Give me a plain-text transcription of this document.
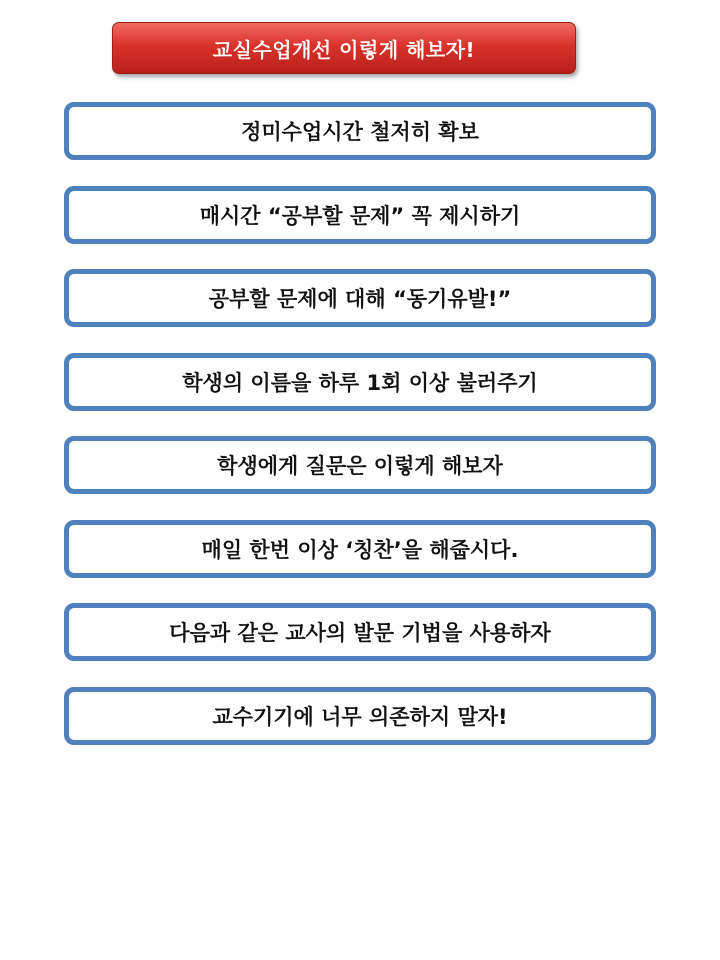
교실수업개선 이렇게 해보자!
정미수업시간 철저히 확보
매시간 “공부할 문제” 꼭 제시하기
공부할 문제에 대해 “동기유발!”
학생의 이름을 하루 1회 이상 불러주기
학생에게 질문은 이렇게 해보자
매일 한번 이상 ‘칭찬’을 해줍시다.
다음과 같은 교사의 발문 기법을 사용하자
교수기기에 너무 의존하지 말자!
